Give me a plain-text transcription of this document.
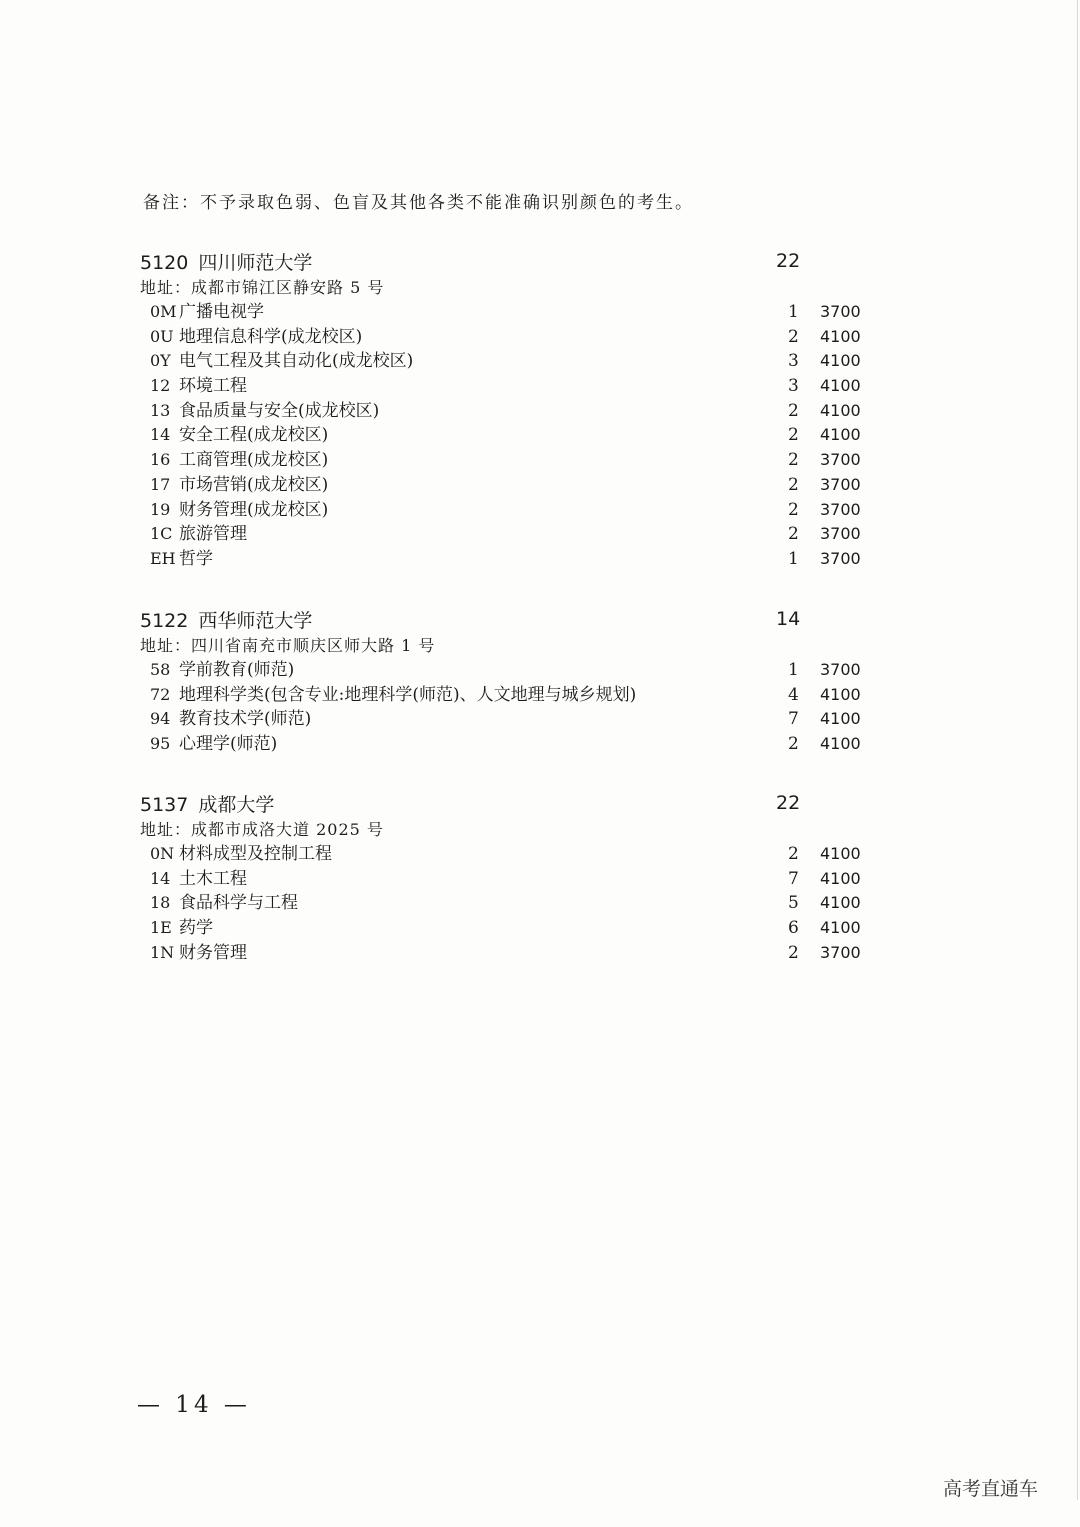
备注：不予录取色弱、色盲及其他各类不能准确识别颜色的考生。
5120 四川师范大学	22
地址：成都市锦江区静安路 5 号
0M 广播电视学	1 3700
0U 地理信息科学(成龙校区)	2 4100
0Y 电气工程及其自动化(成龙校区)	3 4100
12 环境工程	3 4100
13 食品质量与安全(成龙校区)	2 4100
14 安全工程(成龙校区)	2 4100
16 工商管理(成龙校区)	2 3700
17 市场营销(成龙校区)	2 3700
19 财务管理(成龙校区)	2 3700
1C 旅游管理	2 3700
EH 哲学	1 3700
5122 西华师范大学	14
地址：四川省南充市顺庆区师大路 1 号
58 学前教育(师范)	1 3700
72 地理科学类(包含专业:地理科学(师范)、人文地理与城乡规划)	4 4100
94 教育技术学(师范)	7 4100
95 心理学(师范)	2 4100
5137 成都大学	22
地址：成都市成洛大道 2025 号
0N 材料成型及控制工程	2 4100
14 土木工程	7 4100
18 食品科学与工程	5 4100
1E 药学	6 4100
1N 财务管理	2 3700
— 14 —
高考直通车
